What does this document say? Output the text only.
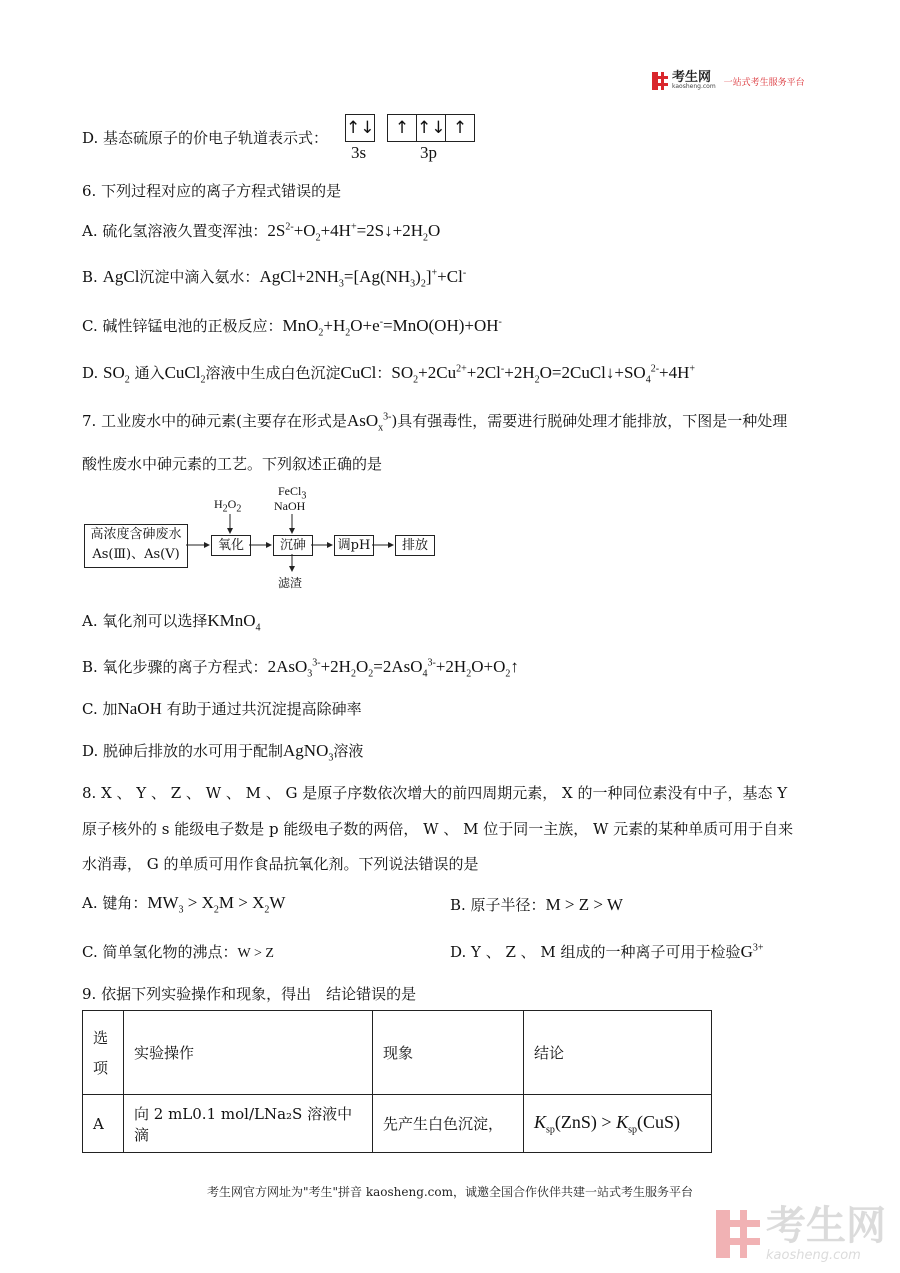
考生网
kaosheng.com 一站式考生服务平台
D. 基态硫原子的价电子轨道表示式： ↑↓	↑ ↑↓ ↑
3s	3p
6. 下列过程对应的离子方程式错误的是
A. 硫化氢溶液久置变浑浊：$2S^{2-}+O_2+4H^+=2S↓+2H_2O$
B. AgCl沉淀中滴入氨水：$AgCl+2NH_3=[Ag(NH_3)_2]^++Cl^-$
C. 碱性锌锰电池的正极反应：$MnO_2+H_2O+e^-=MnO(OH)+OH^-$
D. $SO_2$ 通入CuCl$_2$溶液中生成白色沉淀CuCl：$SO_2+2Cu^{2+}+2Cl^-+2H_2O=2CuCl↓+SO_4^{2-}+4H^+$
7. 工业废水中的砷元素(主要存在形式是AsO$_x^{3-}$)具有强毒性，需要进行脱砷处理才能排放，下图是一种处理
酸性废水中砷元素的工艺。下列叙述正确的是
高浓度含砷废水
As(Ⅲ)、As(Ⅴ)
氧化	沉砷	调pH	排放
$H_2O_2$
FeCl$_3$
NaOH
滤渣
A. 氧化剂可以选择KMnO$_4$
B. 氧化步骤的离子方程式：$2AsO_3^{3-}+2H_2O_2=2AsO_4^{3-}+2H_2O+O_2↑$
C. 加NaOH 有助于通过共沉淀提高除砷率
D. 脱砷后排放的水可用于配制AgNO$_3$溶液
8. X 、 Y 、 Z 、 W 、 M 、 G 是原子序数依次增大的前四周期元素， X 的一种同位素没有中子，基态 Y
原子核外的 s 能级电子数是 p 能级电子数的两倍， W 、 M 位于同一主族， W 元素的某种单质可用于自来
水消毒， G 的单质可用作食品抗氧化剂。下列说法错误的是
A. 键角：$MW_3 > X_2M > X_2W$	B. 原子半径：M > Z > W
C. 简单氢化物的沸点：W > Z	D. Y 、 Z 、 M 组成的一种离子可用于检验$G^{3+}$
9. 依据下列实验操作和现象，得出　结论错误的是
选项	实验操作	现象	结论
A	向 2 mL0.1 mol/LNa₂S 溶液中滴	先产生白色沉淀，	$K_{sp}(ZnS) > K_{sp}(CuS)$
考生网官方网址为"考生"拼音 kaosheng.com，诚邀全国合作伙伴共建一站式考生服务平台
考生网
kaosheng.com
